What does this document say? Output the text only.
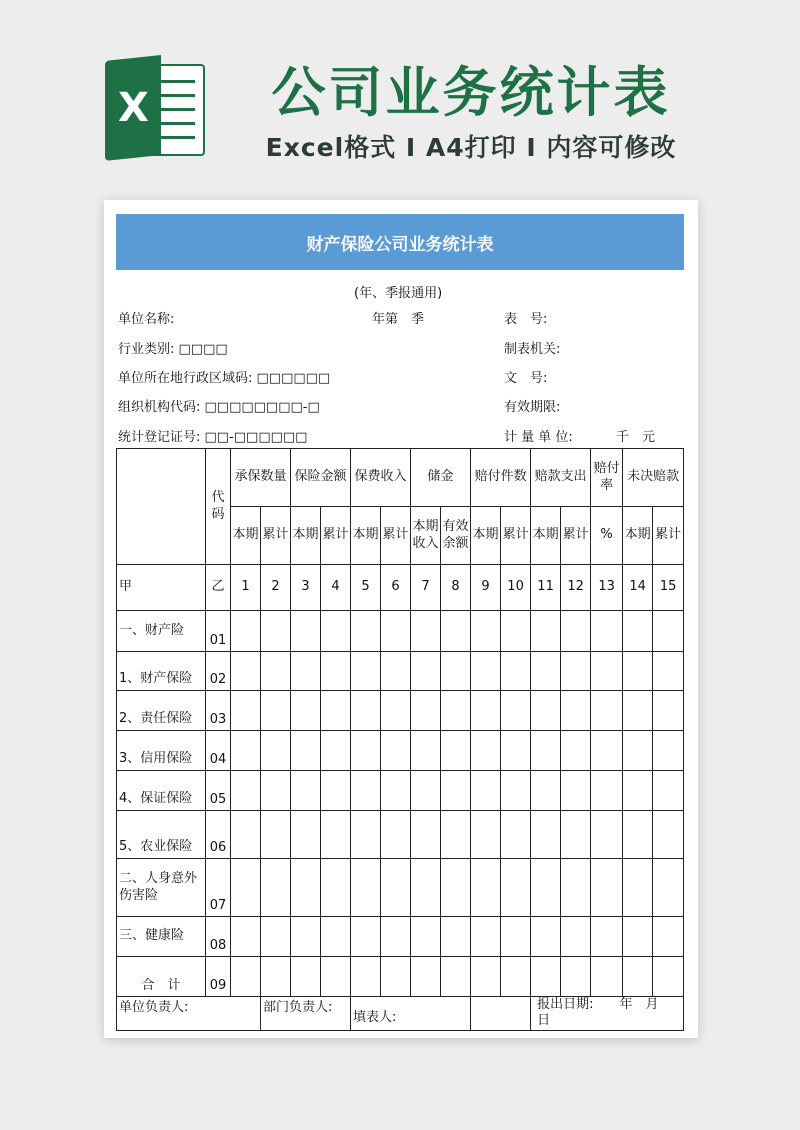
X	公司业务统计表
Excel格式 I A4打印 I 内容可修改
财产保险公司业务统计表
(年、季报通用)
单位名称:	年第　季	表　号:
行业类别: □□□□	制表机关:
单位所在地行政区域码: □□□□□□	文　号:
组织机构代码: □□□□□□□□-□	有效期限:
统计登记证号: □□-□□□□□□	计 量 单 位:	千　元
	代码	承保数量		保险金额		保费收入		储金		赔付件数		赔款支出		赔付率	未决赔款	
		本期	累计	本期	累计	本期	累计	本期收入	有效余额	本期	累计	本期	累计	%	本期	累计
甲	乙	1	2	3	4	5	6	7	8	9	10	11	12	13	14	15
一、财产险	01															
1、财产保险	02															
2、责任保险	03															
3、信用保险	04															
4、保证保险	05															
5、农业保险	06															
二、人身意外伤害险	07															
三、健康险	08															
合　计	09															
单位负责人:			部门负责人:			填表人:						报出日期:　　 年　月　日				
